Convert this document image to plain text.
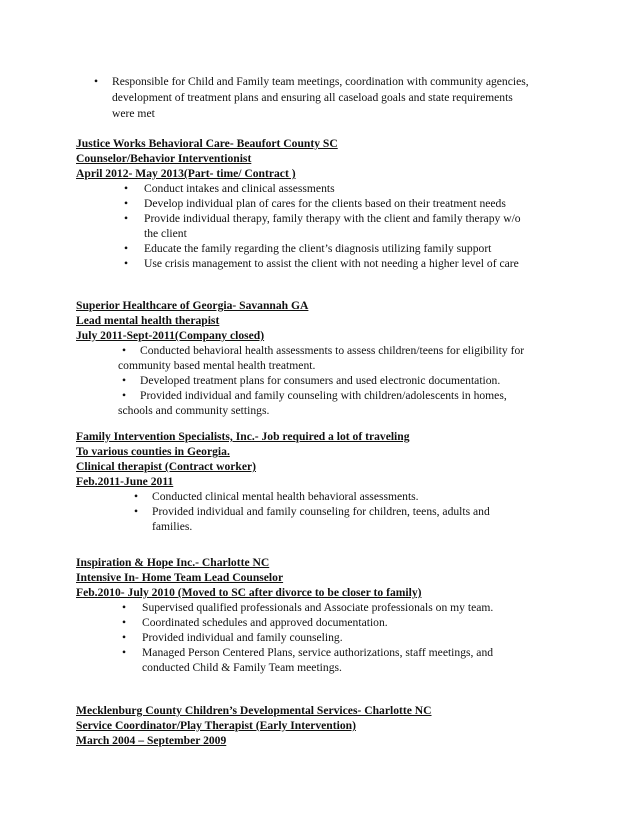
• Responsible for Child and Family team meetings, coordination with community agencies,
development of treatment plans and ensuring all caseload goals and state requirements
were met
Justice Works Behavioral Care- Beaufort County SC
Counselor/Behavior Interventionist
April 2012- May 2013(Part- time/ Contract )
• Conduct intakes and clinical assessments
• Develop individual plan of cares for the clients based on their treatment needs
• Provide individual therapy, family therapy with the client and family therapy w/o
the client
• Educate the family regarding the client’s diagnosis utilizing family support
• Use crisis management to assist the client with not needing a higher level of care
Superior Healthcare of Georgia- Savannah GA
Lead mental health therapist
July 2011-Sept-2011(Company closed)
• Conducted behavioral health assessments to assess children/teens for eligibility for
community based mental health treatment.
• Developed treatment plans for consumers and used electronic documentation.
• Provided individual and family counseling with children/adolescents in homes,
schools and community settings.
Family Intervention Specialists, Inc.- Job required a lot of traveling
To various counties in Georgia.
Clinical therapist (Contract worker)
Feb.2011-June 2011
• Conducted clinical mental health behavioral assessments.
• Provided individual and family counseling for children, teens, adults and
families.
Inspiration & Hope Inc.- Charlotte NC
Intensive In- Home Team Lead Counselor
Feb.2010- July 2010 (Moved to SC after divorce to be closer to family)
• Supervised qualified professionals and Associate professionals on my team.
• Coordinated schedules and approved documentation.
• Provided individual and family counseling.
• Managed Person Centered Plans, service authorizations, staff meetings, and
conducted Child & Family Team meetings.
Mecklenburg County Children’s Developmental Services- Charlotte NC
Service Coordinator/Play Therapist (Early Intervention)
March 2004 – September 2009
